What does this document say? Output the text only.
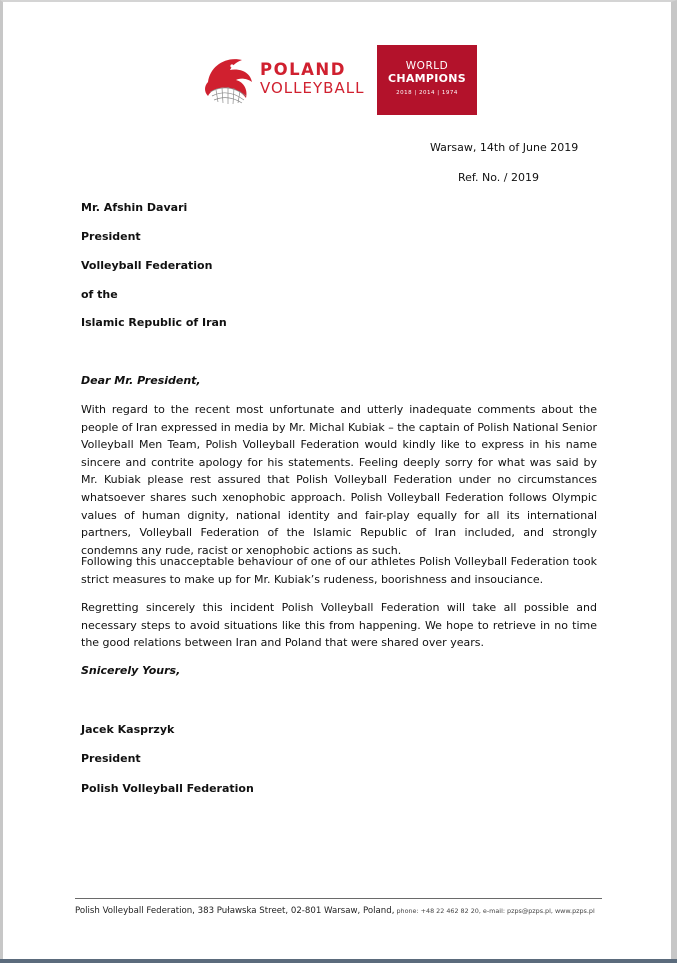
POLAND
VOLLEYBALL
WORLD
CHAMPIONS
2018 | 2014 | 1974
Warsaw, 14th of June 2019
Ref. No. / 2019
Mr. Afshin Davari
President
Volleyball Federation
of the
Islamic Republic of Iran
Dear Mr. President,
With regard to the recent most unfortunate and utterly inadequate comments about the people of Iran expressed in media by Mr. Michal Kubiak – the captain of Polish National Senior Volleyball Men Team, Polish Volleyball Federation would kindly like to express in his name sincere and contrite apology for his statements. Feeling deeply sorry for what was said by Mr. Kubiak please rest assured that Polish Volleyball Federation under no circumstances whatsoever shares such xenophobic approach. Polish Volleyball Federation follows Olympic values of human dignity, national identity and fair-play equally for all its international partners, Volleyball Federation of the Islamic Republic of Iran included, and strongly condemns any rude, racist or xenophobic actions as such.
Following this unacceptable behaviour of one of our athletes Polish Volleyball Federation took strict measures to make up for Mr. Kubiak’s rudeness, boorishness and insouciance.
Regretting sincerely this incident Polish Volleyball Federation will take all possible and necessary steps to avoid situations like this from happening. We hope to retrieve in no time the good relations between Iran and Poland that were shared over years.
Snicerely Yours,
Jacek Kasprzyk
President
Polish Volleyball Federation
Polish Volleyball Federation, 383 Puławska Street, 02-801 Warsaw, Poland, phone: +48 22 462 82 20, e-mail: pzps@pzps.pl, www.pzps.pl
